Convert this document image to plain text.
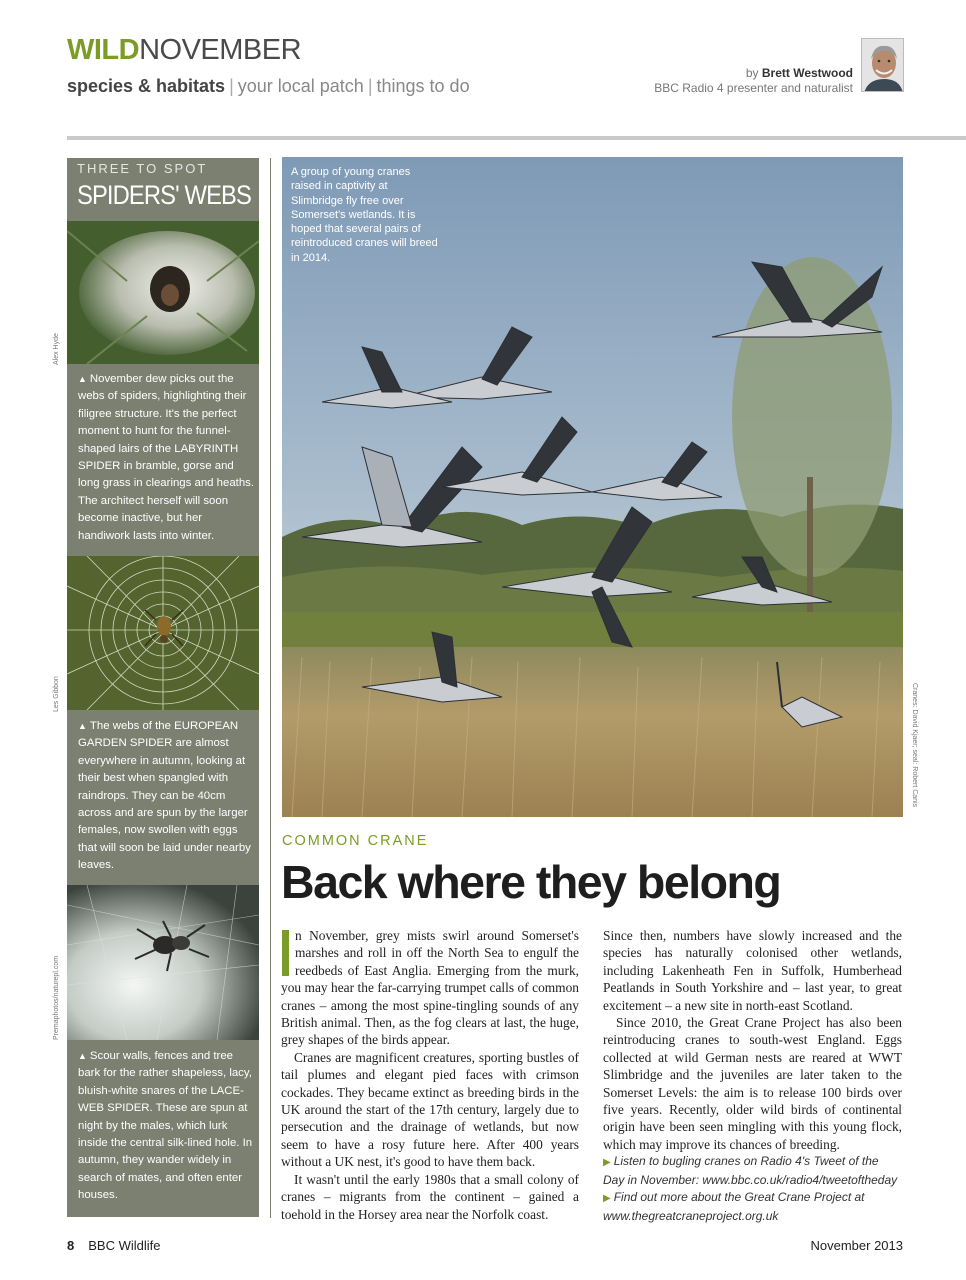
WILDNOVEMBER
species & habitats | your local patch | things to do
by Brett Westwood
BBC Radio 4 presenter and naturalist
THREE TO SPOT
SPIDERS' WEBS
Alex Hyde
▲ November dew picks out the webs of spiders, highlighting their filigree structure. It's the perfect moment to hunt for the funnel-shaped lairs of the LABYRINTH SPIDER in bramble, gorse and long grass in clearings and heaths. The architect herself will soon become inactive, but her handiwork lasts into winter.
Les Gibbon
▲ The webs of the EUROPEAN GARDEN SPIDER are almost everywhere in autumn, looking at their best when spangled with raindrops. They can be 40cm across and are spun by the larger females, now swollen with eggs that will soon be laid under nearby leaves.
Premaphotos/naturepl.com
▲ Scour walls, fences and tree bark for the rather shapeless, lacy, bluish-white snares of the LACE-WEB SPIDER. These are spun at night by the males, which lurk inside the central silk-lined hole. In autumn, they wander widely in search of mates, and often enter houses.
A group of young cranes raised in captivity at Slimbridge fly free over Somerset's wetlands. It is hoped that several pairs of reintroduced cranes will breed in 2014.
Cranes: David Kjaer; seal: Robert Canis
COMMON CRANE
Back where they belong

n November, grey mists swirl around Somerset's marshes and roll in off the North Sea to engulf the reedbeds of East Anglia. Emerging from the murk, you may hear the far-carrying trumpet calls of common cranes – among the most spine-tingling sounds of any British animal. Then, as the fog clears at last, the huge, grey shapes of the birds appear.

Cranes are magnificent creatures, sporting bustles of tail plumes and elegant pied faces with crimson cockades. They became extinct as breeding birds in the UK around the start of the 17th century, largely due to persecution and the drainage of wetlands, but now seem to have a rosy future here. After 400 years without a UK nest, it's good to have them back.

It wasn't until the early 1980s that a small colony of cranes – migrants from the continent – gained a toehold in the Horsey area near the Norfolk coast.

Since then, numbers have slowly increased and the species has naturally colonised other wetlands, including Lakenheath Fen in Suffolk, Humberhead Peatlands in South Yorkshire and – last year, to great excitement – a new site in north-east Scotland.

Since 2010, the Great Crane Project has also been reintroducing cranes to south-west England. Eggs collected at wild German nests are reared at WWT Slimbridge and the juveniles are later taken to the Somerset Levels: the aim is to release 100 birds over five years. Recently, older wild birds of continental origin have been seen mingling with this young flock, which may improve its chances of breeding.

▶ Listen to bugling cranes on Radio 4's Tweet of the Day in November: www.bbc.co.uk/radio4/tweetoftheday

▶ Find out more about the Great Crane Project at www.thegreatcraneproject.org.uk

8 BBC Wildlife	November 2013
